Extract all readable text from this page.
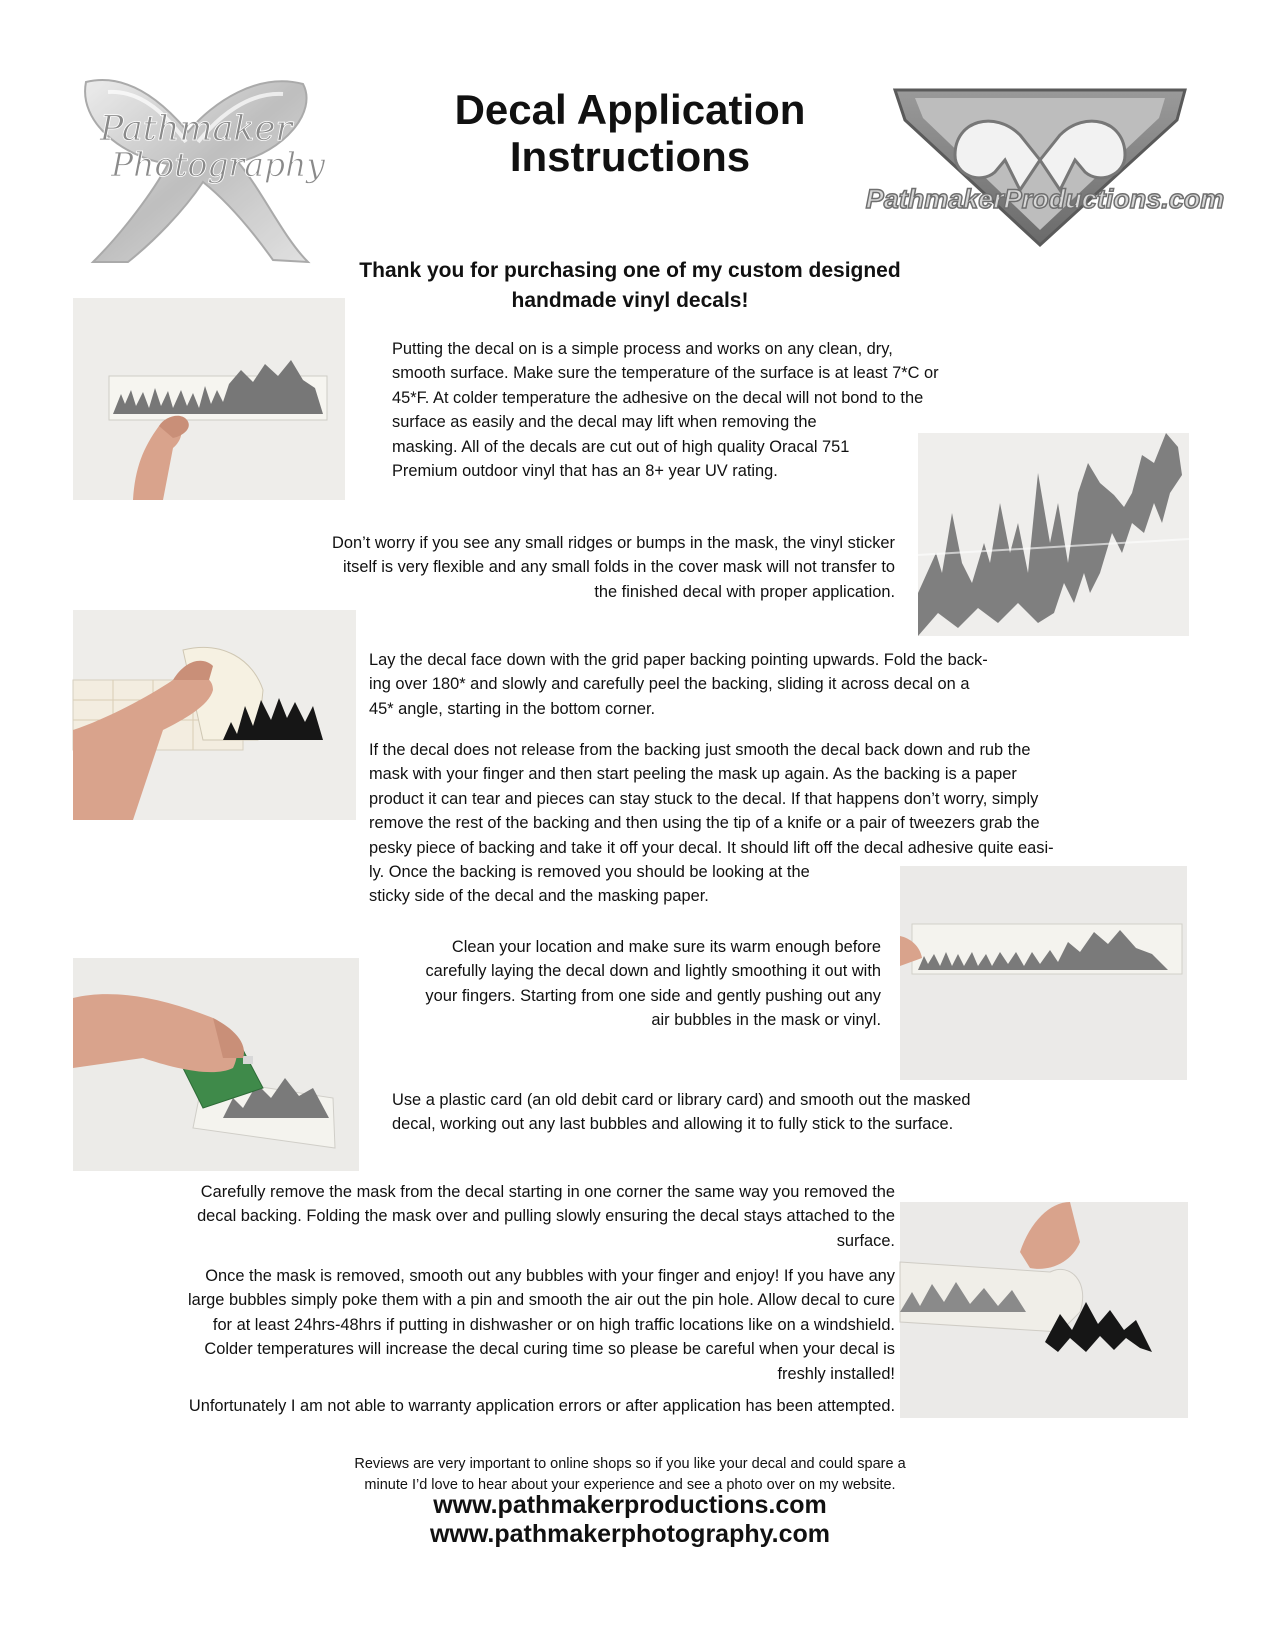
Pathmaker
Photography
Decal Application
Instructions
PathmakerProductions.com
Thank you for purchasing one of my custom designed
handmade vinyl decals!
Putting the decal on is a simple process and works on any clean, dry,
smooth surface. Make sure the temperature of the surface is at least 7*C or
45*F. At colder temperature the adhesive on the decal will not bond to the
surface as easily and the decal may lift when removing the
masking. All of the decals are cut out of high quality Oracal 751
Premium outdoor vinyl that has an 8+ year UV rating.
Don’t worry if you see any small ridges or bumps in the mask, the vinyl sticker
itself is very flexible and any small folds in the cover mask will not transfer to
the finished decal with proper application.
Lay the decal face down with the grid paper backing pointing upwards. Fold the back-
ing over 180* and slowly and carefully peel the backing, sliding it across decal on a
45* angle, starting in the bottom corner.
If the decal does not release from the backing just smooth the decal back down and rub the
mask with your finger and then start peeling the mask up again. As the backing is a paper
product it can tear and pieces can stay stuck to the decal. If that happens don’t worry, simply
remove the rest of the backing and then using the tip of a knife or a pair of tweezers grab the
pesky piece of backing and take it off your decal. It should lift off the decal adhesive quite easi-
ly. Once the backing is removed you should be looking at the
sticky side of the decal and the masking paper.
Clean your location and make sure its warm enough before
carefully laying the decal down and lightly smoothing it out with
your fingers. Starting from one side and gently pushing out any
air bubbles in the mask or vinyl.
Use a plastic card (an old debit card or library card) and smooth out the masked
decal, working out any last bubbles and allowing it to fully stick to the surface.
Carefully remove the mask from the decal starting in one corner the same way you removed the
decal backing. Folding the mask over and pulling slowly ensuring the decal stays attached to the
surface.
Once the mask is removed, smooth out any bubbles with your finger and enjoy! If you have any
large bubbles simply poke them with a pin and smooth the air out the pin hole. Allow decal to cure
for at least 24hrs-48hrs if putting in dishwasher or on high traffic locations like on a windshield.
Colder temperatures will increase the decal curing time so please be careful when your decal is
freshly installed!
Unfortunately I am not able to warranty application errors or after application has been attempted.
Reviews are very important to online shops so if you like your decal and could spare a
minute I’d love to hear about your experience and see a photo over on my website.
www.pathmakerproductions.com
www.pathmakerphotography.com
